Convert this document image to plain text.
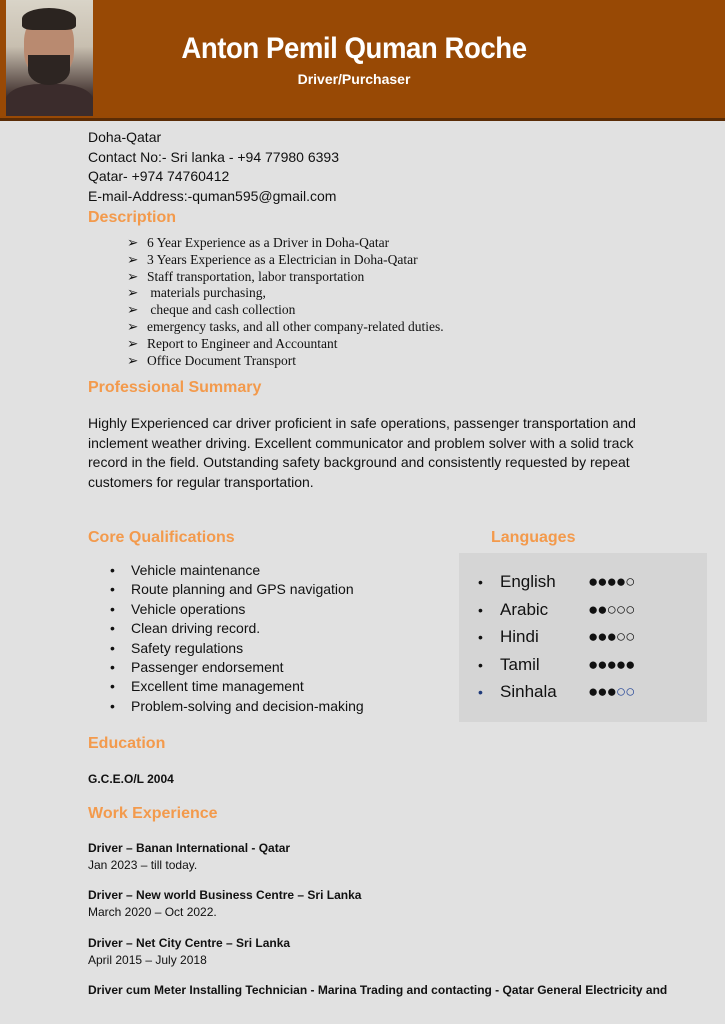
Anton Pemil Quman Roche
Driver/Purchaser
Doha-Qatar
Contact No:- Sri lanka - +94 77980 6393
Qatar- +974 74760412
E-mail-Address:-quman595@gmail.com
Description
➢ 6 Year Experience as a Driver in Doha-Qatar
➢ 3 Years Experience as a Electrician in Doha-Qatar
➢ Staff transportation, labor transportation
➢ materials purchasing,
➢ cheque and cash collection
➢ emergency tasks, and all other company-related duties.
➢ Report to Engineer and Accountant
➢ Office Document Transport
Professional Summary
Highly Experienced car driver proficient in safe operations, passenger transportation and
inclement weather driving. Excellent communicator and problem solver with a solid track
record in the field. Outstanding safety background and consistently requested by repeat
customers for regular transportation.
Core Qualifications
• Vehicle maintenance
• Route planning and GPS navigation
• Vehicle operations
• Clean driving record.
• Safety regulations
• Passenger endorsement
• Excellent time management
• Problem-solving and decision-making
Languages
• English ●●●●○
• Arabic ●●○○○
• Hindi	●●●○○
• Tamil	●●●●●
• Sinhala ●●●○○
Education
G.C.E.O/L 2004
Work Experience
Driver – Banan International - Qatar
Jan 2023 – till today.
Driver – New world Business Centre – Sri Lanka
March 2020 – Oct 2022.
Driver – Net City Centre – Sri Lanka
April 2015 – July 2018
Driver cum Meter Installing Technician - Marina Trading and contacting - Qatar General Electricity and
